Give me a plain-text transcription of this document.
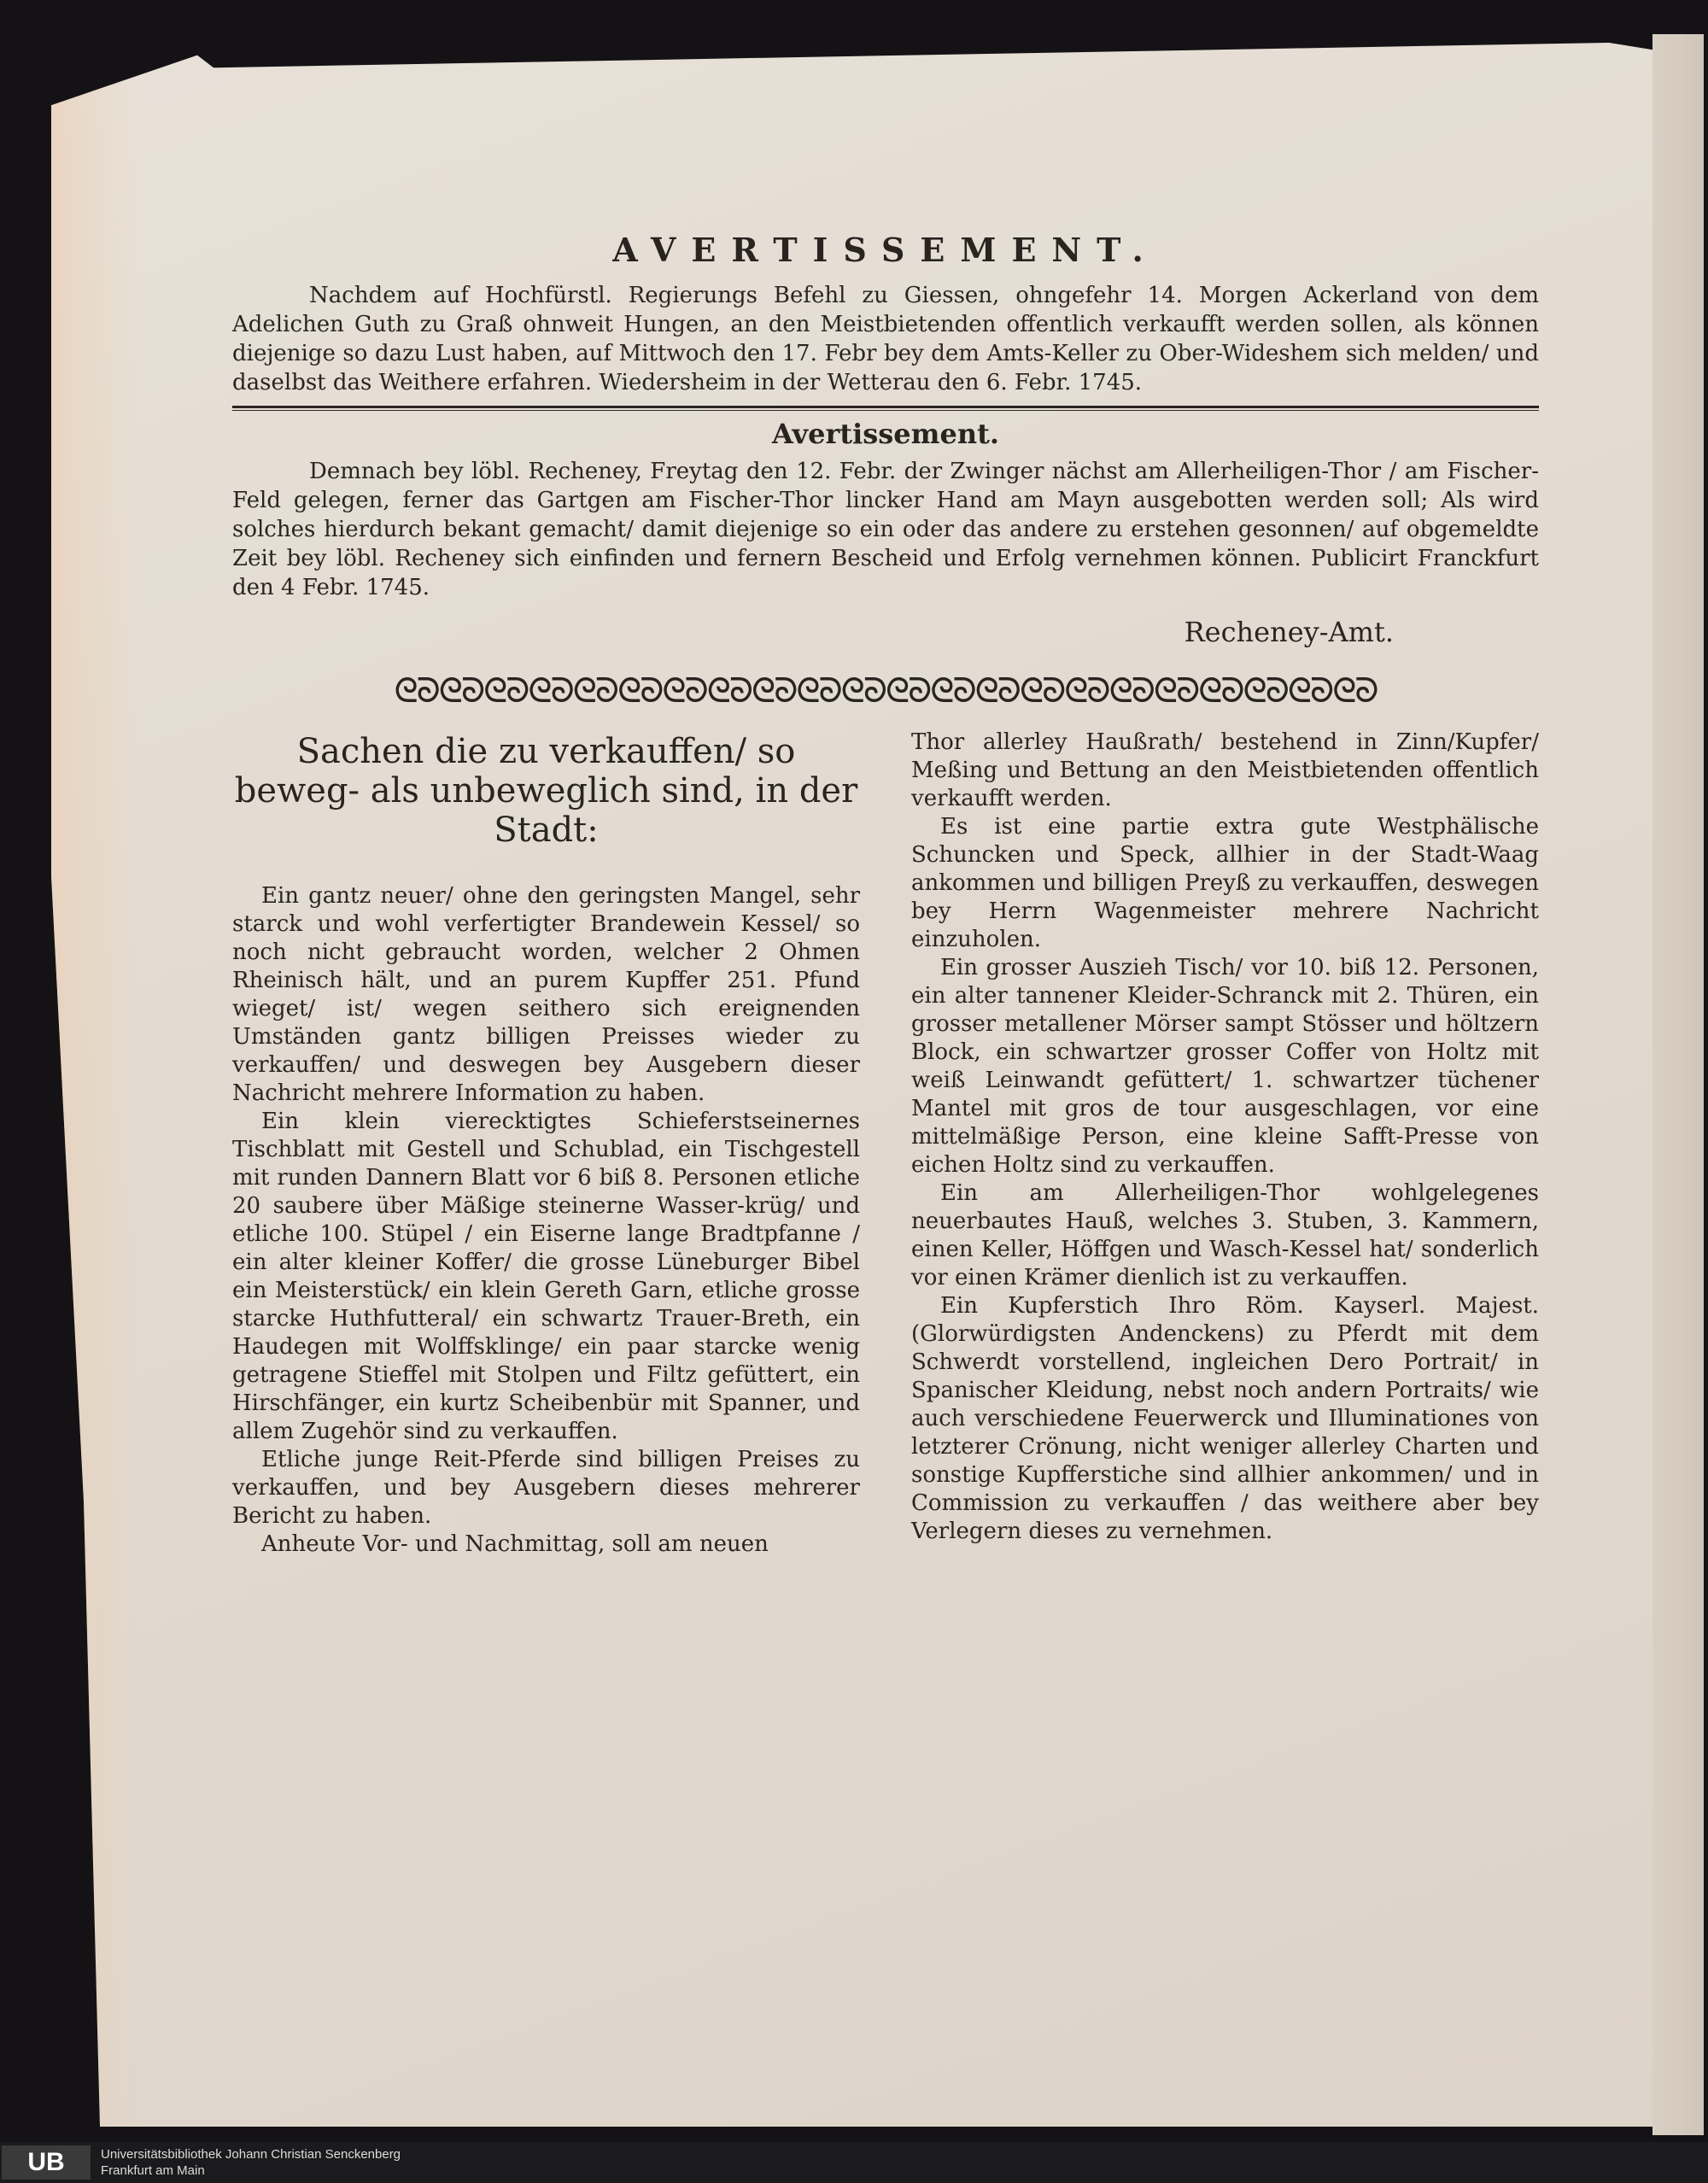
AVERTISSEMENT.

Nachdem auf Hochfürstl. Regierungs Befehl zu Giessen, ohngefehr 14. Morgen Ackerland von dem Adelichen Guth zu Graß ohnweit Hungen, an den Meistbietenden offentlich verkaufft werden sollen, als können diejenige so dazu Lust haben, auf Mittwoch den 17. Febr bey dem Amts-Keller zu Ober-Wideshem sich melden/ und daselbst das Weithere erfahren. Wiedersheim in der Wetterau den 6. Febr. 1745.

Avertissement.

Demnach bey löbl. Recheney, Freytag den 12. Febr. der Zwinger nächst am Allerheiligen-Thor / am Fischer-Feld gelegen, ferner das Gartgen am Fischer-Thor lincker Hand am Mayn ausgebotten werden soll; Als wird solches hierdurch bekant gemacht/ damit diejenige so ein oder das andere zu erstehen gesonnen/ auf obgemeldte Zeit bey löbl. Recheney sich einfinden und fernern Bescheid und Erfolg vernehmen können. Publicirt Franckfurt den 4 Febr. 1745.

Recheney-Amt.
ᘓᘐᘓᘐᘓᘐᘓᘐᘓᘐᘓᘐᘓᘐᘓᘐᘓᘐᘓᘐᘓᘐᘓᘐᘓᘐᘓᘐᘓᘐᘓᘐᘓᘐᘓᘐᘓᘐᘓᘐᘓᘐᘓᘐ
Sachen die zu verkauffen/ so beweg- als unbeweglich sind, in der Stadt:

Ein gantz neuer/ ohne den geringsten Mangel, sehr starck und wohl verfertigter Brandewein Kessel/ so noch nicht gebraucht worden, welcher 2 Ohmen Rheinisch hält, und an purem Kupffer 251. Pfund wieget/ ist/ wegen seithero sich ereignenden Umständen gantz billigen Preisses wieder zu verkauffen/ und deswegen bey Ausgebern dieser Nachricht mehrere Information zu haben.

Ein klein vierecktigtes Schieferstseinernes Tischblatt mit Gestell und Schublad, ein Tischgestell mit runden Dannern Blatt vor 6 biß 8. Personen etliche 20 saubere über Mäßige steinerne Wasser-krüg/ und etliche 100. Stüpel / ein Eiserne lange Bradtpfanne / ein alter kleiner Koffer/ die grosse Lüneburger Bibel ein Meisterstück/ ein klein Gereth Garn, etliche grosse starcke Huthfutteral/ ein schwartz Trauer-Breth, ein Haudegen mit Wolffsklinge/ ein paar starcke wenig getragene Stieffel mit Stolpen und Filtz gefüttert, ein Hirschfänger, ein kurtz Scheibenbür mit Spanner, und allem Zugehör sind zu verkauffen.

Etliche junge Reit-Pferde sind billigen Preises zu verkauffen, und bey Ausgebern dieses mehrerer Bericht zu haben.

Anheute Vor- und Nachmittag, soll am neuen

Thor allerley Haußrath/ bestehend in Zinn/Kupfer/ Meßing und Bettung an den Meistbietenden offentlich verkaufft werden.

Es ist eine partie extra gute Westphälische Schuncken und Speck, allhier in der Stadt-Waag ankommen und billigen Preyß zu verkauffen, deswegen bey Herrn Wagenmeister mehrere Nachricht einzuholen.

Ein grosser Auszieh Tisch/ vor 10. biß 12. Personen, ein alter tannener Kleider-Schranck mit 2. Thüren, ein grosser metallener Mörser sampt Stösser und höltzern Block, ein schwartzer grosser Coffer von Holtz mit weiß Leinwandt gefüttert/ 1. schwartzer tüchener Mantel mit gros de tour ausgeschlagen, vor eine mittelmäßige Person, eine kleine Safft-Presse von eichen Holtz sind zu verkauffen.

Ein am Allerheiligen-Thor wohlgelegenes neuerbautes Hauß, welches 3. Stuben, 3. Kammern, einen Keller, Höffgen und Wasch-Kessel hat/ sonderlich vor einen Krämer dienlich ist zu verkauffen.

Ein Kupferstich Ihro Röm. Kayserl. Majest. (Glorwürdigsten Andenckens) zu Pferdt mit dem Schwerdt vorstellend, ingleichen Dero Portrait/ in Spanischer Kleidung, nebst noch andern Portraits/ wie auch verschiedene Feuerwerck und Illuminationes von letzterer Crönung, nicht weniger allerley Charten und sonstige Kupfferstiche sind allhier ankommen/ und in Commission zu verkauffen / das weithere aber bey Verlegern dieses zu vernehmen.

UB	Universitätsbibliothek Johann Christian Senckenberg
Frankfurt am Main
